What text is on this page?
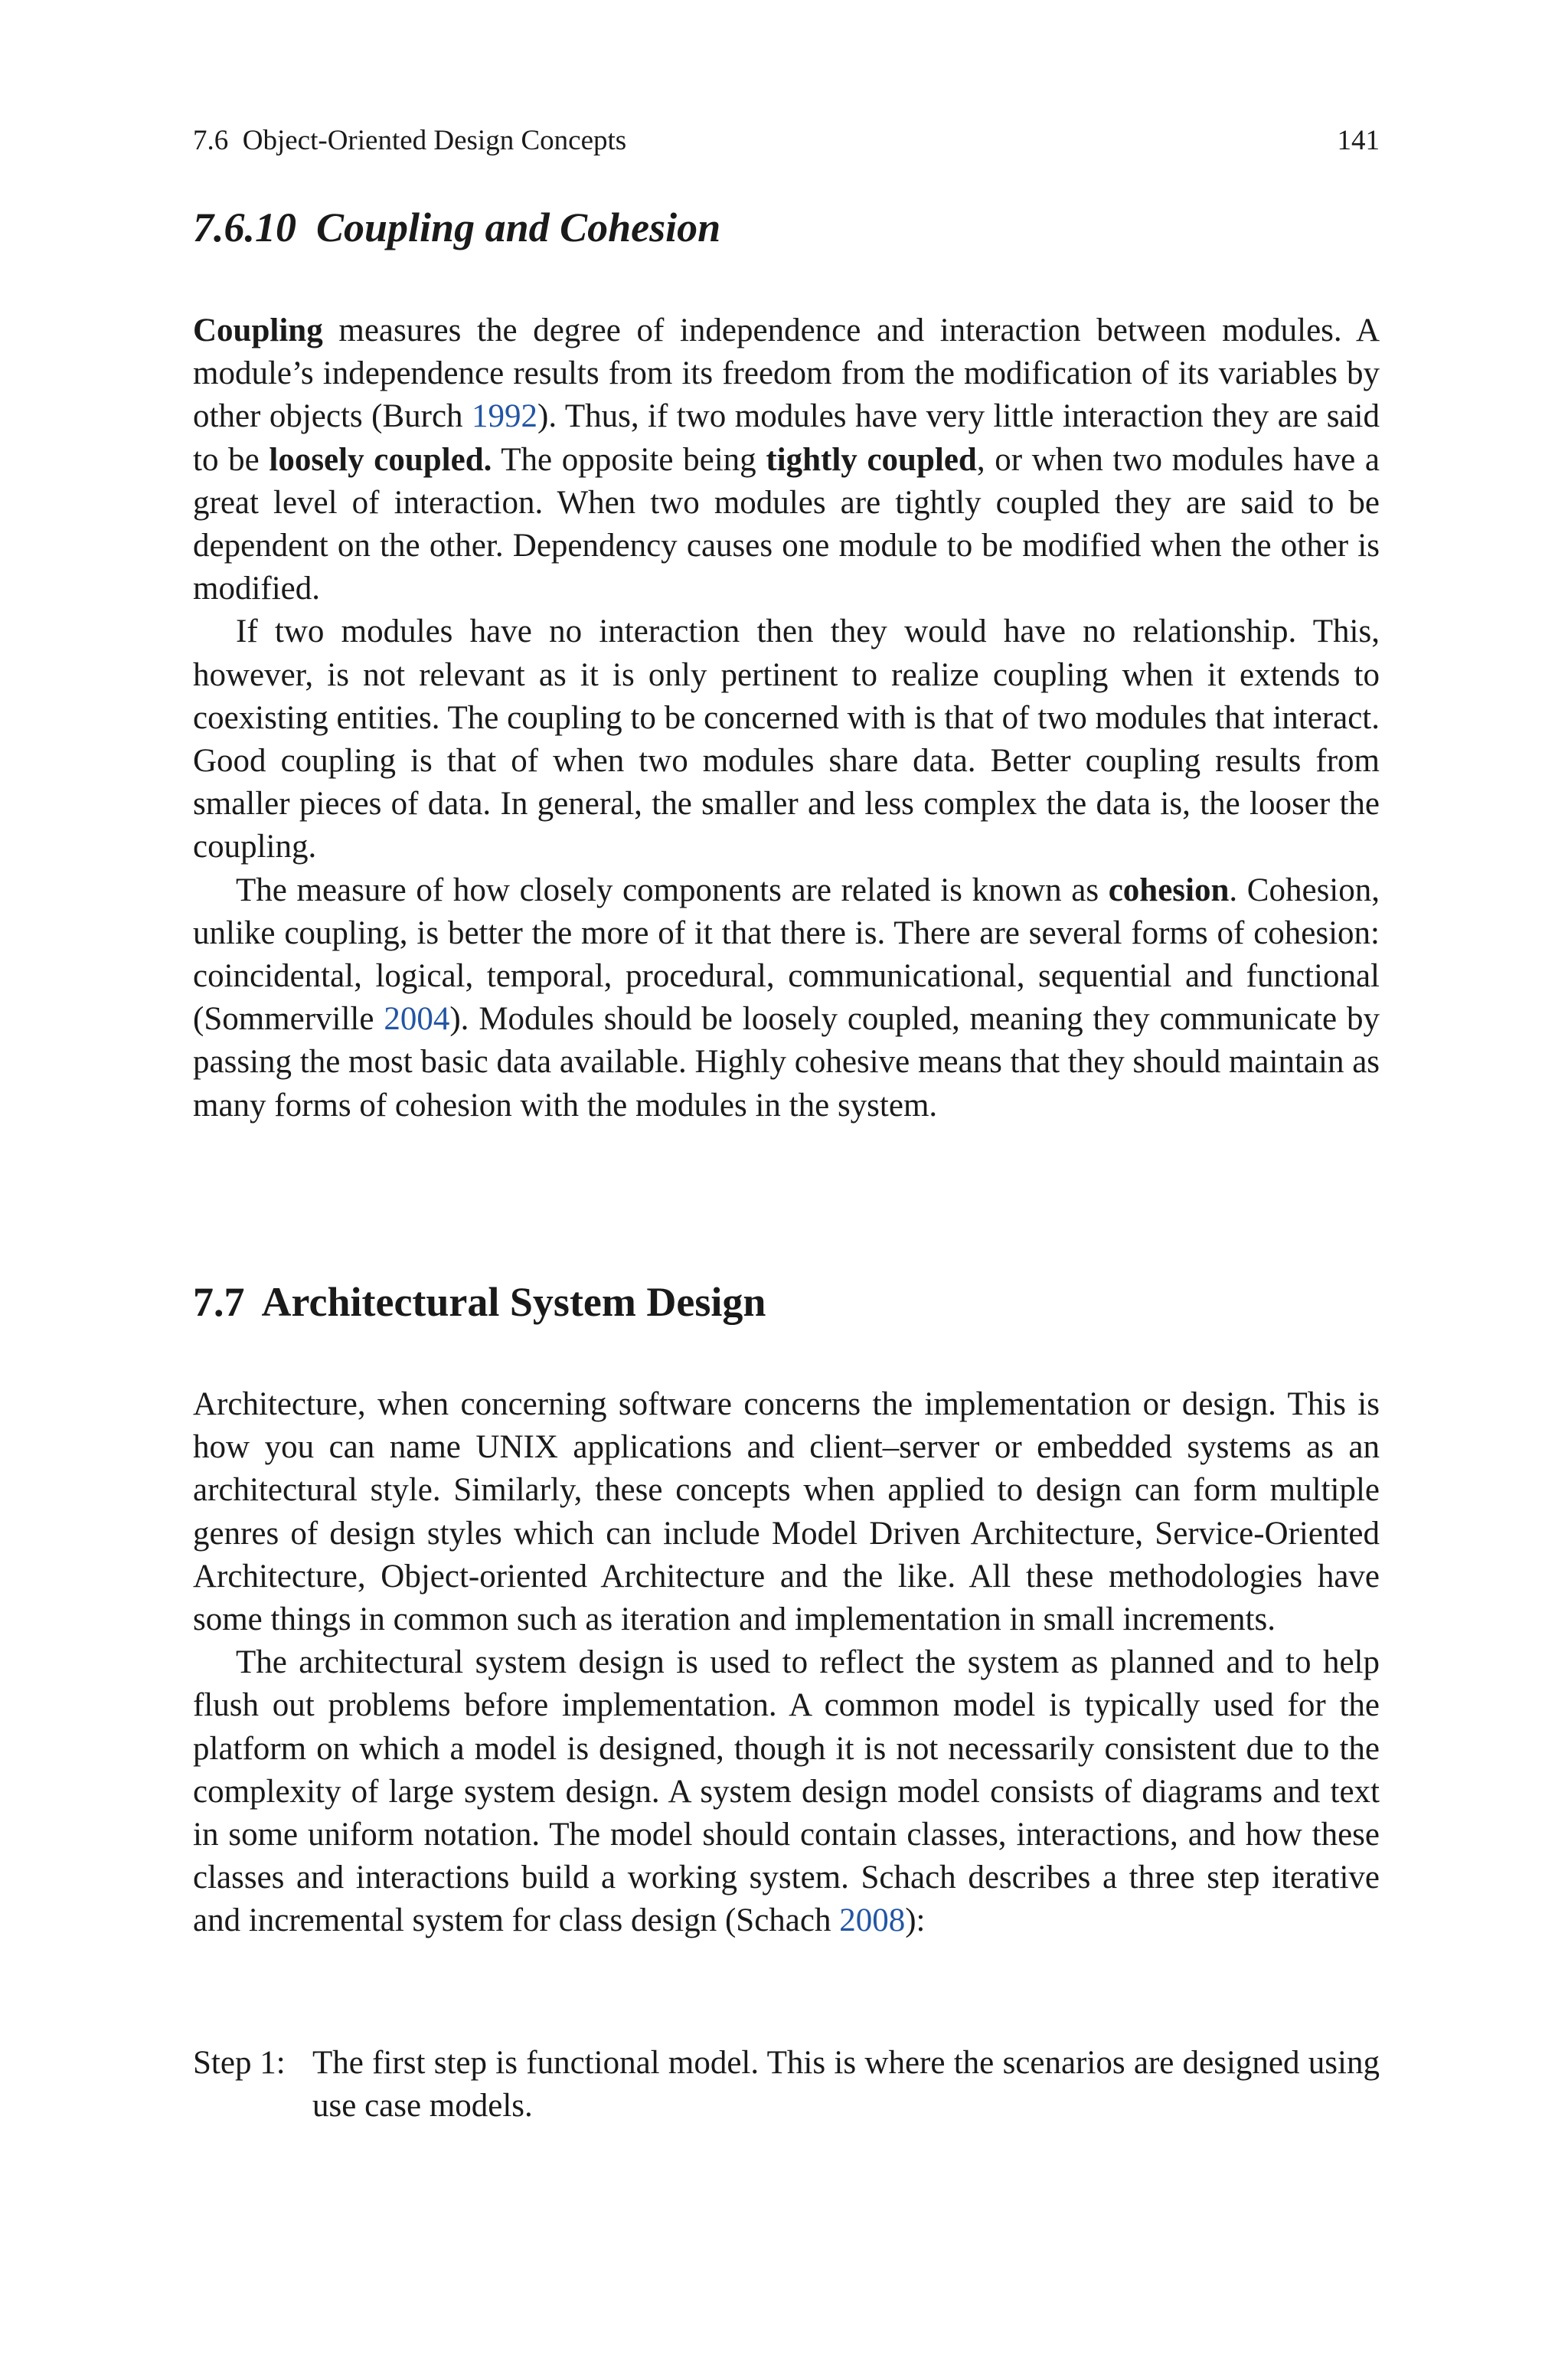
7.6 Object-Oriented Design Concepts	141
7.6.10 Coupling and Cohesion

Coupling measures the degree of independence and interaction between modules. A module’s independence results from its freedom from the modification of its variables by other objects (Burch 1992). Thus, if two modules have very little interaction they are said to be loosely coupled. The opposite being tightly coupled, or when two modules have a great level of interaction. When two modules are tightly coupled they are said to be dependent on the other. Dependency causes one module to be modified when the other is modified.

If two modules have no interaction then they would have no relationship. This, however, is not relevant as it is only pertinent to realize coupling when it extends to coexisting entities. The coupling to be concerned with is that of two modules that interact. Good coupling is that of when two modules share data. Better coupling results from smaller pieces of data. In general, the smaller and less complex the data is, the looser the coupling.

The measure of how closely components are related is known as cohesion. Cohesion, unlike coupling, is better the more of it that there is. There are several forms of cohesion: coincidental, logical, temporal, procedural, communicational, sequential and functional (Sommerville 2004). Modules should be loosely coupled, meaning they communicate by passing the most basic data available. Highly cohesive means that they should maintain as many forms of cohesion with the modules in the system.

7.7 Architectural System Design

Architecture, when concerning software concerns the implementation or design. This is how you can name UNIX applications and client–server or embedded systems as an architectural style. Similarly, these concepts when applied to design can form multiple genres of design styles which can include Model Driven Architecture, Service-Oriented Architecture, Object-oriented Architecture and the like. All these methodologies have some things in common such as iteration and implementation in small increments.

The architectural system design is used to reflect the system as planned and to help flush out problems before implementation. A common model is typically used for the platform on which a model is designed, though it is not necessarily consistent due to the complexity of large system design. A system design model consists of diagrams and text in some uniform notation. The model should contain classes, interactions, and how these classes and interactions build a working system. Schach describes a three step iterative and incremental system for class design (Schach 2008):

Step 1: The first step is functional model. This is where the scenarios are designed using use case models.
